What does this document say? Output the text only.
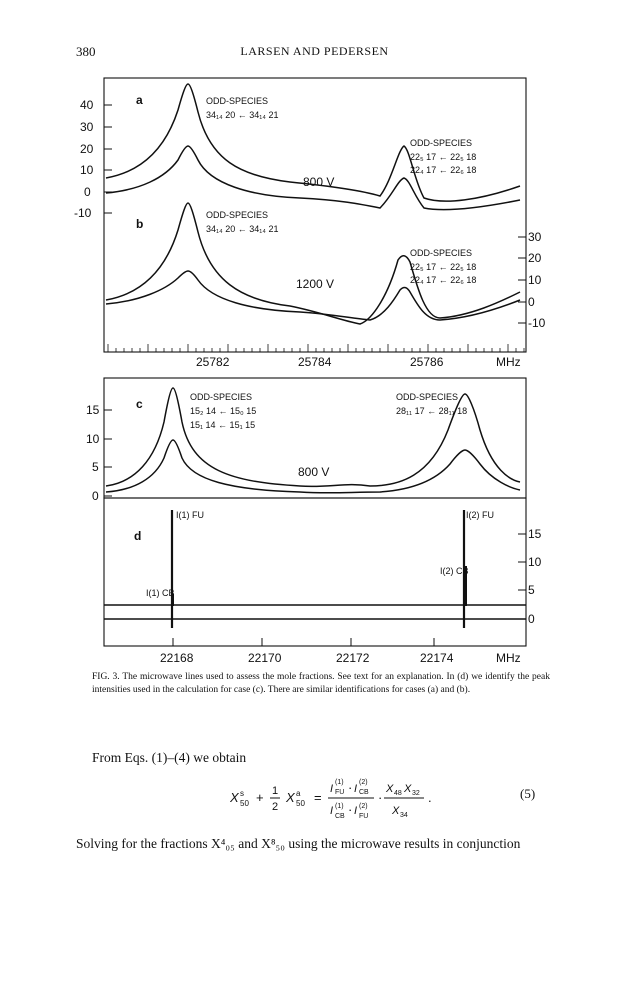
380	LARSEN AND PEDERSEN
40
30
20
10
0
-10
30
20
10
0
-10
a
b
ODD-SPECIES
34₁₄ 20 ← 34₁₄ 21
ODD-SPECIES
22₅ 17 ← 22₅ 18
22₄ 17 ← 22₆ 18
800 V
ODD-SPECIES
34₁₄ 20 ← 34₁₄ 21
ODD-SPECIES
22₅ 17 ← 22₅ 18
22₄ 17 ← 22₆ 18
1200 V
25782	25784	25786	MHz
15
10
5
0
15
10
5
0
c
d
ODD-SPECIES
15₂ 14 ← 15₀ 15
15₁ 14 ← 15₁ 15
ODD-SPECIES
28₁₁ 17 ← 28₁₁ 18
800 V
I(1) FU	I(2) FU
I(1) CB
I(2) CB
22168	22170	22172	22174	MHz
FIG. 3. The microwave lines used to assess the mole fractions. See text for an explanation. In (d) we identify the peak intensities used in the calculation for case (c). There are similar identifications for cases (a) and (b).
From Eqs. (1)–(4) we obtain
X s
50 + 1
2
X a
50 =
I
(1)
FU · I
(2)
CB
I (1)
CB · I (2)
FU
·
X 48 X 32
X 34
.	(5)
Solving for the fractions X⁴₀₅ and X⁸₅₀ using the microwave results in conjunction
